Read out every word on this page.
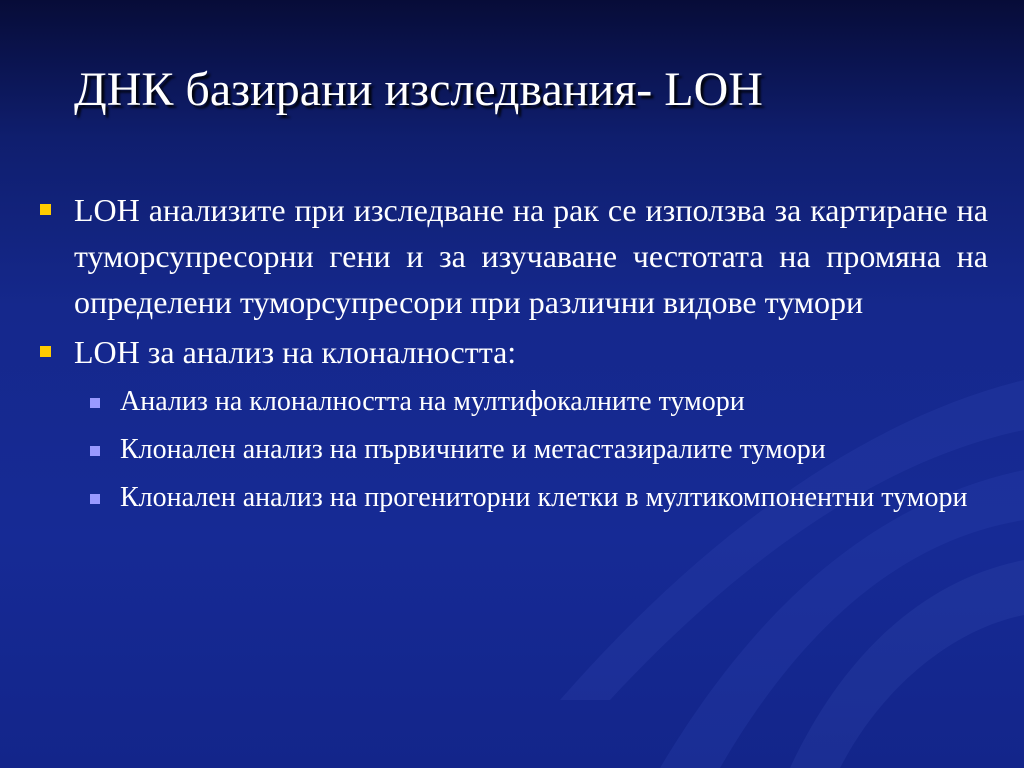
ДНК базирани изследвания- LOH
LOH анализите при изследване на рак се използва за картиране на туморсупресорни гени и за изучаване честотата на промяна на определени туморсупресори при различни видове тумори
LOH за анализ на клоналността:
Анализ на клоналността на мултифокалните тумори
Клонален анализ на първичните и метастазиралите тумори
Клонален анализ на прогениторни клетки в мултикомпонентни тумори
